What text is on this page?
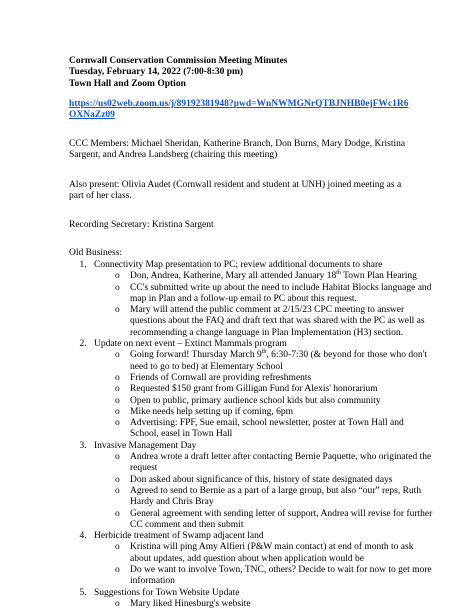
Cornwall Conservation Commission Meeting Minutes
Tuesday, February 14, 2022 (7:00-8:30 pm)
Town Hall and Zoom Option
https://us02web.zoom.us/j/89192381948?pwd=WnNWMGNrQTBJNHB0ejFWc1R6OXNaZz09
CCC Members: Michael Sheridan, Katherine Branch, Don Burns, Mary Dodge, Kristina Sargent, and Andrea Landsberg (chairing this meeting)
Also present: Olivia Audet (Cornwall resident and student at UNH) joined meeting as a part of her class.
Recording Secretary: Kristina Sargent
Old Business:
1. Connectivity Map presentation to PC; review additional documents to share
o Don, Andrea, Katherine, Mary all attended January 18th Town Plan Hearing
o CC's submitted write up about the need to include Habitat Blocks language and map in Plan and a follow-up email to PC about this request.
o Mary will attend the public comment at 2/15/23 CPC meeting to answer questions about the FAQ and draft text that was shared with the PC as well as recommending a change language in Plan Implementation (H3) section.
2. Update on next event – Extinct Mammals program
o Going forward! Thursday March 9th, 6:30-7:30 (& beyond for those who don't need to go to bed) at Elementary School
o Friends of Cornwall are providing refreshments
o Requested $150 grant from Gilligan Fund for Alexis' honorarium
o Open to public, primary audience school kids but also community
o Mike needs help setting up if coming, 6pm
o Advertising: FPF, Sue email, school newsletter, poster at Town Hall and School, easel in Town Hall
3. Invasive Management Day
o Andrea wrote a draft letter after contacting Bernie Paquette, who originated the request
o Don asked about significance of this, history of state designated days
o Agreed to send to Bernie as a part of a large group, but also “our” reps, Ruth Hardy and Chris Bray
o General agreement with sending letter of support, Andrea will revise for further CC comment and then submit
4. Herbicide treatment of Swamp adjacent land
o Kristina will ping Amy Alfieri (P&W main contact) at end of month to ask about updates, add question about when application would be
o Do we want to involve Town, TNC, others? Decide to wait for now to get more information
5. Suggestions for Town Website Update
o Mary liked Hinesburg's website
